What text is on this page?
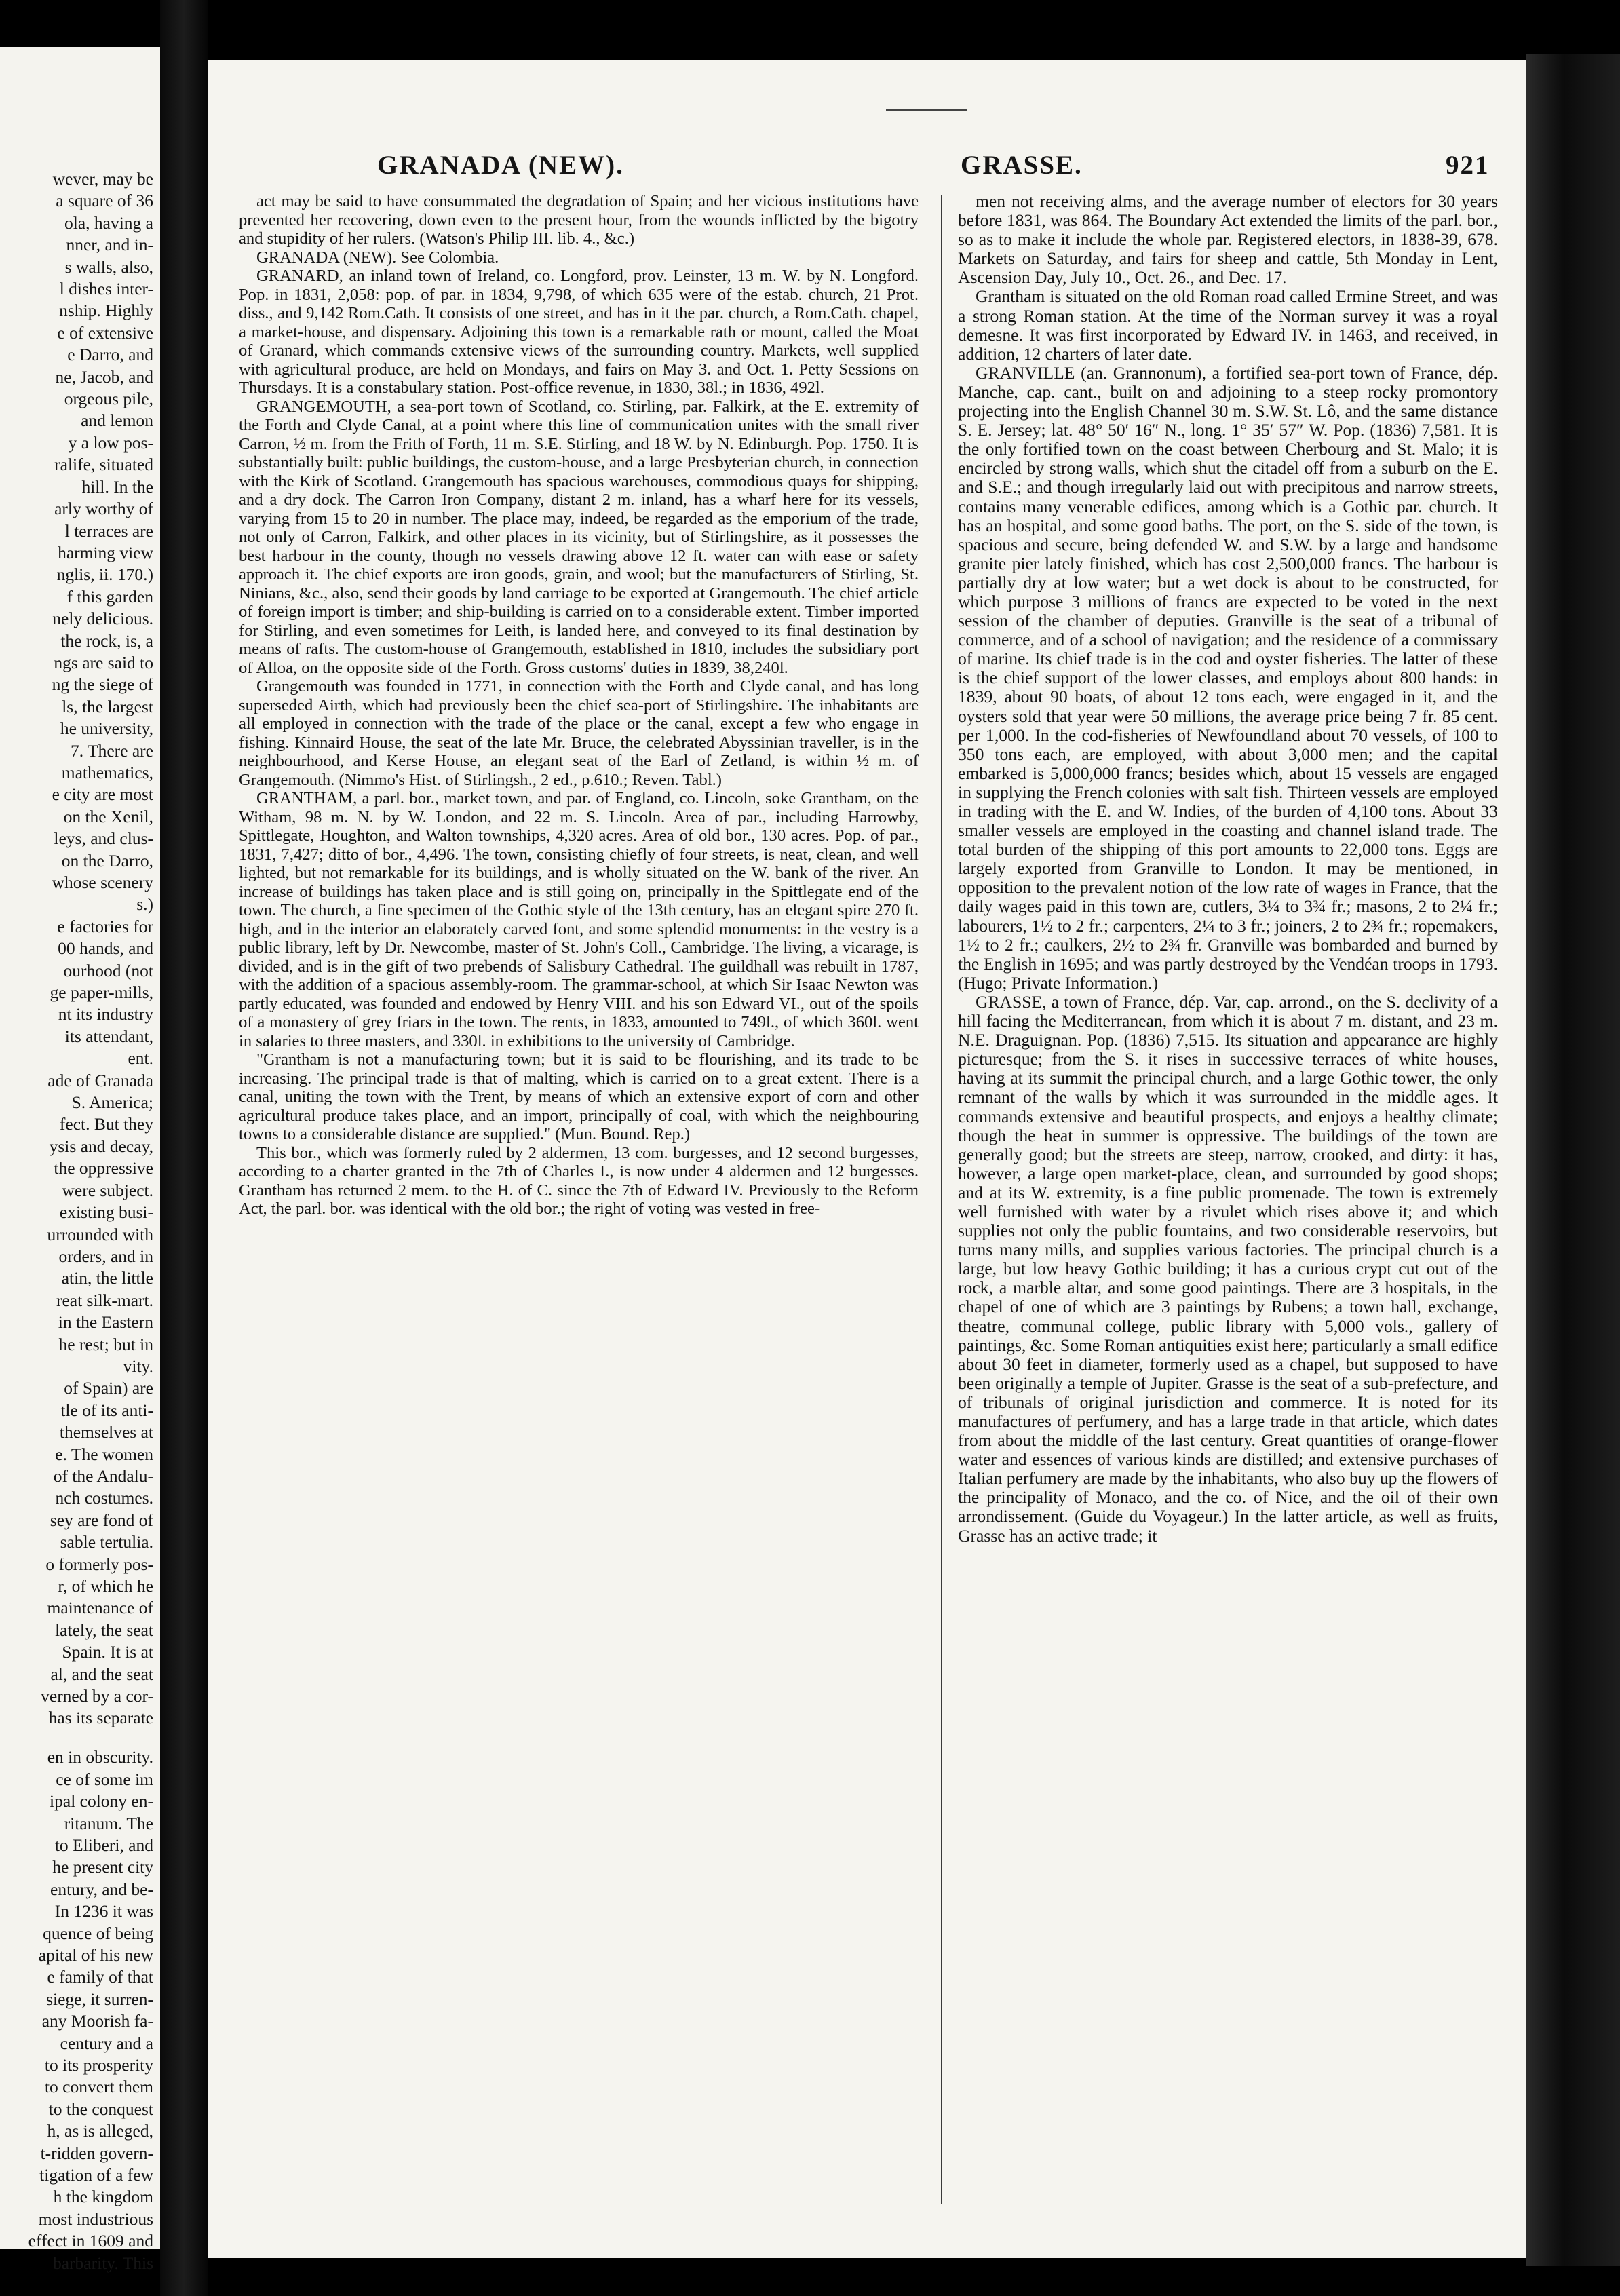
wever, may be
a square of 36
ola, having a
nner, and in-
s walls, also,
l dishes inter-
nship. Highly
e of extensive
e Darro, and
ne, Jacob, and
orgeous pile,
and lemon
y a low pos-
ralife, situated
hill. In the
arly worthy of
l terraces are
harming view
nglis, ii. 170.)
f this garden
nely delicious.
the rock, is, a
ngs are said to
ng the siege of
ls, the largest
he university,
7. There are
mathematics,
e city are most
on the Xenil,
leys, and clus-
on the Darro,
whose scenery
s.)
e factories for
00 hands, and
ourhood (not
ge paper-mills,
nt its industry
its attendant,
ent.
ade of Granada
S. America;
fect. But they
ysis and decay,
the oppressive
were subject.
existing busi-
urrounded with
orders, and in
atin, the little
reat silk-mart.
in the Eastern
he rest; but in
vity.
of Spain) are
tle of its anti-
themselves at
e. The women
of the Andalu-
nch costumes.
sey are fond of
sable tertulia.
o formerly pos-
r, of which he
maintenance of
lately, the seat
Spain. It is at
al, and the seat
verned by a cor-
has its separate
en in obscurity.
ce of some im
ipal colony en-
ritanum. The
to Eliberi, and
he present city
entury, and be-
In 1236 it was
quence of being
apital of his new
e family of that
siege, it surren-
any Moorish fa-
century and a
to its prosperity
to convert them
to the conquest
h, as is alleged,
t-ridden govern-
tigation of a few
h the kingdom
most industrious
effect in 1609 and
barbarity. This
GRANADA (NEW).	GRASSE.	921

act may be said to have consummated the degradation of Spain; and her vicious institutions have prevented her recovering, down even to the present hour, from the wounds inflicted by the bigotry and stupidity of her rulers. (Watson's Philip III. lib. 4., &c.)

GRANADA (NEW). See Colombia.

GRANARD, an inland town of Ireland, co. Longford, prov. Leinster, 13 m. W. by N. Longford. Pop. in 1831, 2,058: pop. of par. in 1834, 9,798, of which 635 were of the estab. church, 21 Prot. diss., and 9,142 Rom.Cath. It consists of one street, and has in it the par. church, a Rom.Cath. chapel, a market-house, and dispensary. Adjoining this town is a remarkable rath or mount, called the Moat of Granard, which commands extensive views of the surrounding country. Markets, well supplied with agricultural produce, are held on Mondays, and fairs on May 3. and Oct. 1. Petty Sessions on Thursdays. It is a constabulary station. Post-office revenue, in 1830, 38l.; in 1836, 492l.

GRANGEMOUTH, a sea-port town of Scotland, co. Stirling, par. Falkirk, at the E. extremity of the Forth and Clyde Canal, at a point where this line of communication unites with the small river Carron, ½ m. from the Frith of Forth, 11 m. S.E. Stirling, and 18 W. by N. Edinburgh. Pop. 1750. It is substantially built: public buildings, the custom-house, and a large Presbyterian church, in connection with the Kirk of Scotland. Grangemouth has spacious warehouses, commodious quays for shipping, and a dry dock. The Carron Iron Company, distant 2 m. inland, has a wharf here for its vessels, varying from 15 to 20 in number. The place may, indeed, be regarded as the emporium of the trade, not only of Carron, Falkirk, and other places in its vicinity, but of Stirlingshire, as it possesses the best harbour in the county, though no vessels drawing above 12 ft. water can with ease or safety approach it. The chief exports are iron goods, grain, and wool; but the manufacturers of Stirling, St. Ninians, &c., also, send their goods by land carriage to be exported at Grangemouth. The chief article of foreign import is timber; and ship-building is carried on to a considerable extent. Timber imported for Stirling, and even sometimes for Leith, is landed here, and conveyed to its final destination by means of rafts. The custom-house of Grangemouth, established in 1810, includes the subsidiary port of Alloa, on the opposite side of the Forth. Gross customs' duties in 1839, 38,240l.

Grangemouth was founded in 1771, in connection with the Forth and Clyde canal, and has long superseded Airth, which had previously been the chief sea-port of Stirlingshire. The inhabitants are all employed in connection with the trade of the place or the canal, except a few who engage in fishing. Kinnaird House, the seat of the late Mr. Bruce, the celebrated Abyssinian traveller, is in the neighbourhood, and Kerse House, an elegant seat of the Earl of Zetland, is within ½ m. of Grangemouth. (Nimmo's Hist. of Stirlingsh., 2 ed., p.610.; Reven. Tabl.)

GRANTHAM, a parl. bor., market town, and par. of England, co. Lincoln, soke Grantham, on the Witham, 98 m. N. by W. London, and 22 m. S. Lincoln. Area of par., including Harrowby, Spittlegate, Houghton, and Walton townships, 4,320 acres. Area of old bor., 130 acres. Pop. of par., 1831, 7,427; ditto of bor., 4,496. The town, consisting chiefly of four streets, is neat, clean, and well lighted, but not remarkable for its buildings, and is wholly situated on the W. bank of the river. An increase of buildings has taken place and is still going on, principally in the Spittlegate end of the town. The church, a fine specimen of the Gothic style of the 13th century, has an elegant spire 270 ft. high, and in the interior an elaborately carved font, and some splendid monuments: in the vestry is a public library, left by Dr. Newcombe, master of St. John's Coll., Cambridge. The living, a vicarage, is divided, and is in the gift of two prebends of Salisbury Cathedral. The guildhall was rebuilt in 1787, with the addition of a spacious assembly-room. The grammar-school, at which Sir Isaac Newton was partly educated, was founded and endowed by Henry VIII. and his son Edward VI., out of the spoils of a monastery of grey friars in the town. The rents, in 1833, amounted to 749l., of which 360l. went in salaries to three masters, and 330l. in exhibitions to the university of Cambridge.

"Grantham is not a manufacturing town; but it is said to be flourishing, and its trade to be increasing. The principal trade is that of malting, which is carried on to a great extent. There is a canal, uniting the town with the Trent, by means of which an extensive export of corn and other agricultural produce takes place, and an import, principally of coal, with which the neighbouring towns to a considerable distance are supplied." (Mun. Bound. Rep.)

This bor., which was formerly ruled by 2 aldermen, 13 com. burgesses, and 12 second burgesses, according to a charter granted in the 7th of Charles I., is now under 4 aldermen and 12 burgesses. Grantham has returned 2 mem. to the H. of C. since the 7th of Edward IV. Previously to the Reform Act, the parl. bor. was identical with the old bor.; the right of voting was vested in free-

men not receiving alms, and the average number of electors for 30 years before 1831, was 864. The Boundary Act extended the limits of the parl. bor., so as to make it include the whole par. Registered electors, in 1838-39, 678. Markets on Saturday, and fairs for sheep and cattle, 5th Monday in Lent, Ascension Day, July 10., Oct. 26., and Dec. 17.

Grantham is situated on the old Roman road called Ermine Street, and was a strong Roman station. At the time of the Norman survey it was a royal demesne. It was first incorporated by Edward IV. in 1463, and received, in addition, 12 charters of later date.

GRANVILLE (an. Grannonum), a fortified sea-port town of France, dép. Manche, cap. cant., built on and adjoining to a steep rocky promontory projecting into the English Channel 30 m. S.W. St. Lô, and the same distance S. E. Jersey; lat. 48° 50′ 16″ N., long. 1° 35′ 57″ W. Pop. (1836) 7,581. It is the only fortified town on the coast between Cherbourg and St. Malo; it is encircled by strong walls, which shut the citadel off from a suburb on the E. and S.E.; and though irregularly laid out with precipitous and narrow streets, contains many venerable edifices, among which is a Gothic par. church. It has an hospital, and some good baths. The port, on the S. side of the town, is spacious and secure, being defended W. and S.W. by a large and handsome granite pier lately finished, which has cost 2,500,000 francs. The harbour is partially dry at low water; but a wet dock is about to be constructed, for which purpose 3 millions of francs are expected to be voted in the next session of the chamber of deputies. Granville is the seat of a tribunal of commerce, and of a school of navigation; and the residence of a commissary of marine. Its chief trade is in the cod and oyster fisheries. The latter of these is the chief support of the lower classes, and employs about 800 hands: in 1839, about 90 boats, of about 12 tons each, were engaged in it, and the oysters sold that year were 50 millions, the average price being 7 fr. 85 cent. per 1,000. In the cod-fisheries of Newfoundland about 70 vessels, of 100 to 350 tons each, are employed, with about 3,000 men; and the capital embarked is 5,000,000 francs; besides which, about 15 vessels are engaged in supplying the French colonies with salt fish. Thirteen vessels are employed in trading with the E. and W. Indies, of the burden of 4,100 tons. About 33 smaller vessels are employed in the coasting and channel island trade. The total burden of the shipping of this port amounts to 22,000 tons. Eggs are largely exported from Granville to London. It may be mentioned, in opposition to the prevalent notion of the low rate of wages in France, that the daily wages paid in this town are, cutlers, 3¼ to 3¾ fr.; masons, 2 to 2¼ fr.; labourers, 1½ to 2 fr.; carpenters, 2¼ to 3 fr.; joiners, 2 to 2¾ fr.; ropemakers, 1½ to 2 fr.; caulkers, 2½ to 2¾ fr. Granville was bombarded and burned by the English in 1695; and was partly destroyed by the Vendéan troops in 1793. (Hugo; Private Information.)

GRASSE, a town of France, dép. Var, cap. arrond., on the S. declivity of a hill facing the Mediterranean, from which it is about 7 m. distant, and 23 m. N.E. Draguignan. Pop. (1836) 7,515. Its situation and appearance are highly picturesque; from the S. it rises in successive terraces of white houses, having at its summit the principal church, and a large Gothic tower, the only remnant of the walls by which it was surrounded in the middle ages. It commands extensive and beautiful prospects, and enjoys a healthy climate; though the heat in summer is oppressive. The buildings of the town are generally good; but the streets are steep, narrow, crooked, and dirty: it has, however, a large open market-place, clean, and surrounded by good shops; and at its W. extremity, is a fine public promenade. The town is extremely well furnished with water by a rivulet which rises above it; and which supplies not only the public fountains, and two considerable reservoirs, but turns many mills, and supplies various factories. The principal church is a large, but low heavy Gothic building; it has a curious crypt cut out of the rock, a marble altar, and some good paintings. There are 3 hospitals, in the chapel of one of which are 3 paintings by Rubens; a town hall, exchange, theatre, communal college, public library with 5,000 vols., gallery of paintings, &c. Some Roman antiquities exist here; particularly a small edifice about 30 feet in diameter, formerly used as a chapel, but supposed to have been originally a temple of Jupiter. Grasse is the seat of a sub-prefecture, and of tribunals of original jurisdiction and commerce. It is noted for its manufactures of perfumery, and has a large trade in that article, which dates from about the middle of the last century. Great quantities of orange-flower water and essences of various kinds are distilled; and extensive purchases of Italian perfumery are made by the inhabitants, who also buy up the flowers of the principality of Monaco, and the co. of Nice, and the oil of their own arrondissement. (Guide du Voyageur.) In the latter article, as well as fruits, Grasse has an active trade; it
